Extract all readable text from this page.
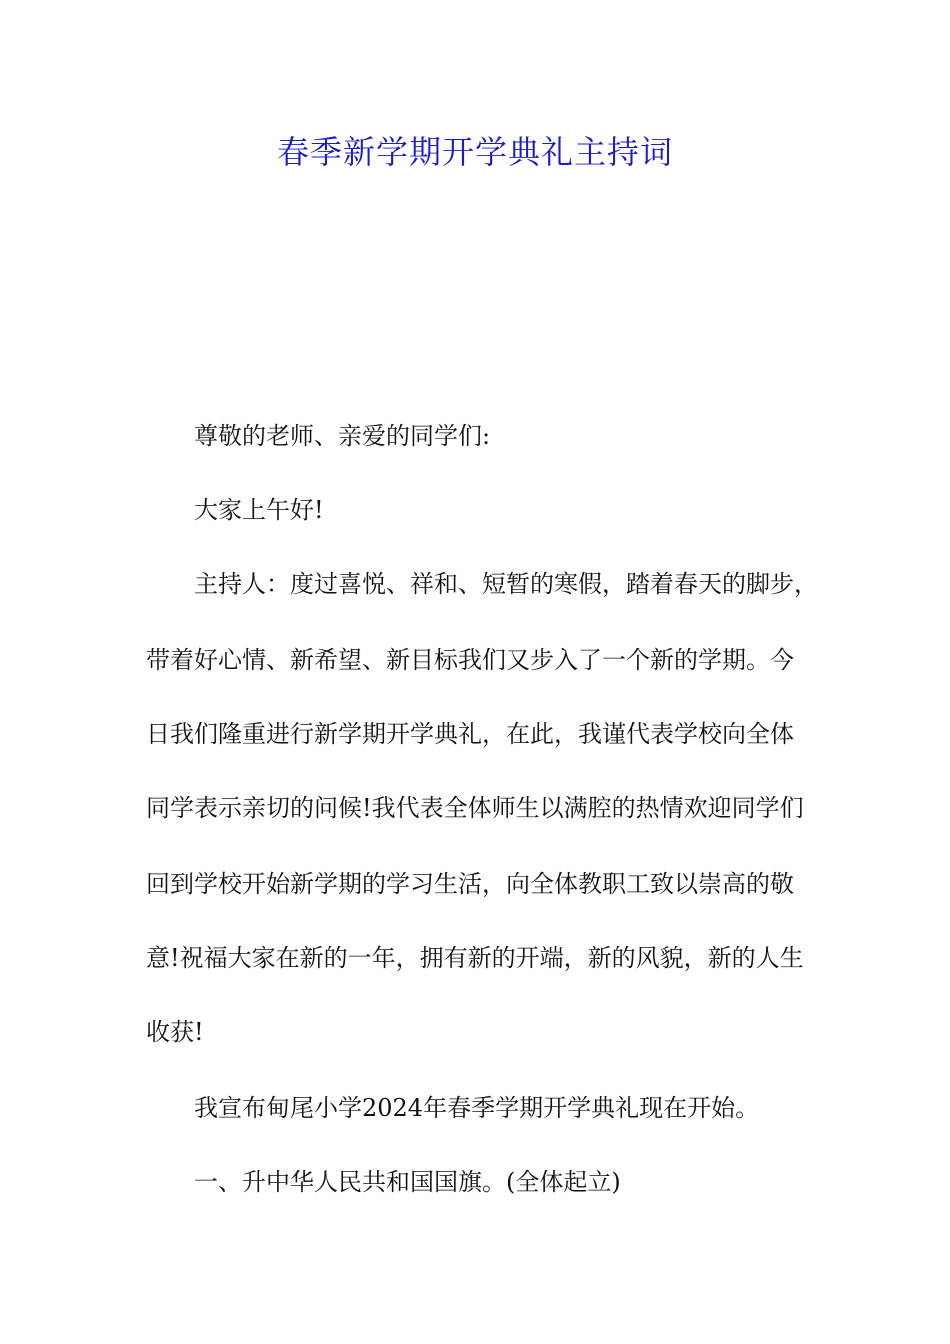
春季新学期开学典礼主持词
尊敬的老师、亲爱的同学们:
大家上午好!
主持人：度过喜悦、祥和、短暂的寒假，踏着春天的脚步，
带着好心情、新希望、新目标我们又步入了一个新的学期。今
日我们隆重进行新学期开学典礼，在此，我谨代表学校向全体
同学表示亲切的问候!我代表全体师生以满腔的热情欢迎同学们
回到学校开始新学期的学习生活，向全体教职工致以崇高的敬
意!祝福大家在新的一年，拥有新的开端，新的风貌，新的人生
收获!
我宣布甸尾小学2024年春季学期开学典礼现在开始。
一、升中华人民共和国国旗。(全体起立)
